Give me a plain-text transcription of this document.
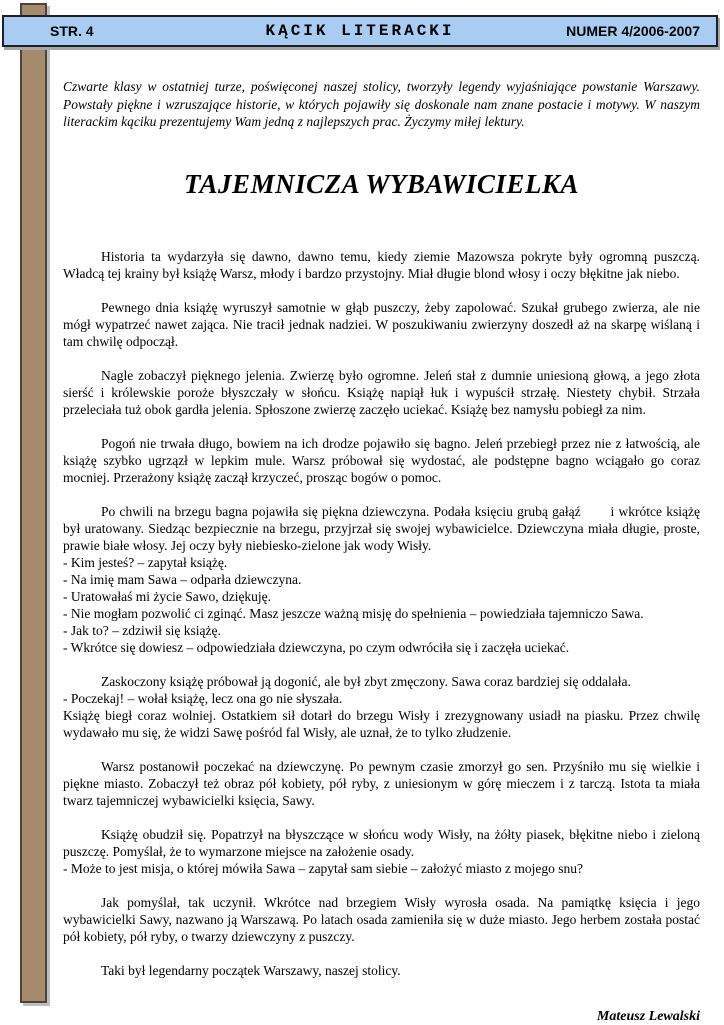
STR. 4	KĄCIK LITERACKI	NUMER 4/2006-2007

Czwarte klasy w ostatniej turze, poświęconej naszej stolicy, tworzyły legendy wyjaśniające powstanie Warszawy. Powstały piękne i wzruszające historie, w których pojawiły się doskonale nam znane postacie i motywy. W naszym literackim kąciku prezentujemy Wam jedną z najlepszych prac. Życzymy miłej lektury.

TAJEMNICZA WYBAWICIELKA

Historia ta wydarzyła się dawno, dawno temu, kiedy ziemie Mazowsza pokryte były ogromną puszczą. Władcą tej krainy był książę Warsz, młody i bardzo przystojny. Miał długie blond włosy i oczy błękitne jak niebo.

Pewnego dnia książę wyruszył samotnie w głąb puszczy, żeby zapolować. Szukał grubego zwierza, ale nie mógł wypatrzeć nawet zająca. Nie tracił jednak nadziei. W poszukiwaniu zwierzyny doszedł aż na skarpę wiślaną i tam chwilę odpoczął.

Nagle zobaczył pięknego jelenia. Zwierzę było ogromne. Jeleń stał z dumnie uniesioną głową, a jego złota sierść i królewskie poroże błyszczały w słońcu. Książę napiął łuk i wypuścił strzałę. Niestety chybił. Strzała przeleciała tuż obok gardła jelenia. Spłoszone zwierzę zaczęło uciekać. Książę bez namysłu pobiegł za nim.

Pogoń nie trwała długo, bowiem na ich drodze pojawiło się bagno. Jeleń przebiegł przez nie z łatwością, ale książę szybko ugrzązł w lepkim mule. Warsz próbował się wydostać, ale podstępne bagno wciągało go coraz mocniej. Przerażony książę zaczął krzyczeć, prosząc bogów o pomoc.

Po chwili na brzegu bagna pojawiła się piękna dziewczyna. Podała księciu grubą gałąź       i wkrótce książę był uratowany. Siedząc bezpiecznie na brzegu, przyjrzał się swojej wybawicielce. Dziewczyna miała długie, proste, prawie białe włosy. Jej oczy były niebiesko-zielone jak wody Wisły.

- Kim jesteś? – zapytał książę.

- Na imię mam Sawa – odparła dziewczyna.

- Uratowałaś mi życie Sawo, dziękuję.

- Nie mogłam pozwolić ci zginąć. Masz jeszcze ważną misję do spełnienia – powiedziała tajemniczo Sawa.

- Jak to? – zdziwił się książę.

- Wkrótce się dowiesz – odpowiedziała dziewczyna, po czym odwróciła się i zaczęła uciekać.

Zaskoczony książę próbował ją dogonić, ale był zbyt zmęczony. Sawa coraz bardziej się oddalała.

- Poczekaj! – wołał książę, lecz ona go nie słyszała.

Książę biegł coraz wolniej. Ostatkiem sił dotarł do brzegu Wisły i zrezygnowany usiadł na piasku. Przez chwilę wydawało mu się, że widzi Sawę pośród fal Wisły, ale uznał, że to tylko złudzenie.

Warsz postanowił poczekać na dziewczynę. Po pewnym czasie zmorzył go sen. Przyśniło mu się wielkie i piękne miasto. Zobaczył też obraz pół kobiety, pół ryby, z uniesionym w górę mieczem i z tarczą. Istota ta miała twarz tajemniczej wybawicielki księcia, Sawy.

Książę obudził się. Popatrzył na błyszczące w słońcu wody Wisły, na żółty piasek, błękitne niebo i zieloną puszczę. Pomyślał, że to wymarzone miejsce na założenie osady.

- Może to jest misja, o której mówiła Sawa – zapytał sam siebie – założyć miasto z mojego snu?

Jak pomyślał, tak uczynił. Wkrótce nad brzegiem Wisły wyrosła osada. Na pamiątkę księcia i jego wybawicielki Sawy, nazwano ją Warszawą. Po latach osada zamieniła się w duże miasto. Jego herbem została postać pół kobiety, pół ryby, o twarzy dziewczyny z puszczy.

Taki był legendarny początek Warszawy, naszej stolicy.

Mateusz Lewalski
